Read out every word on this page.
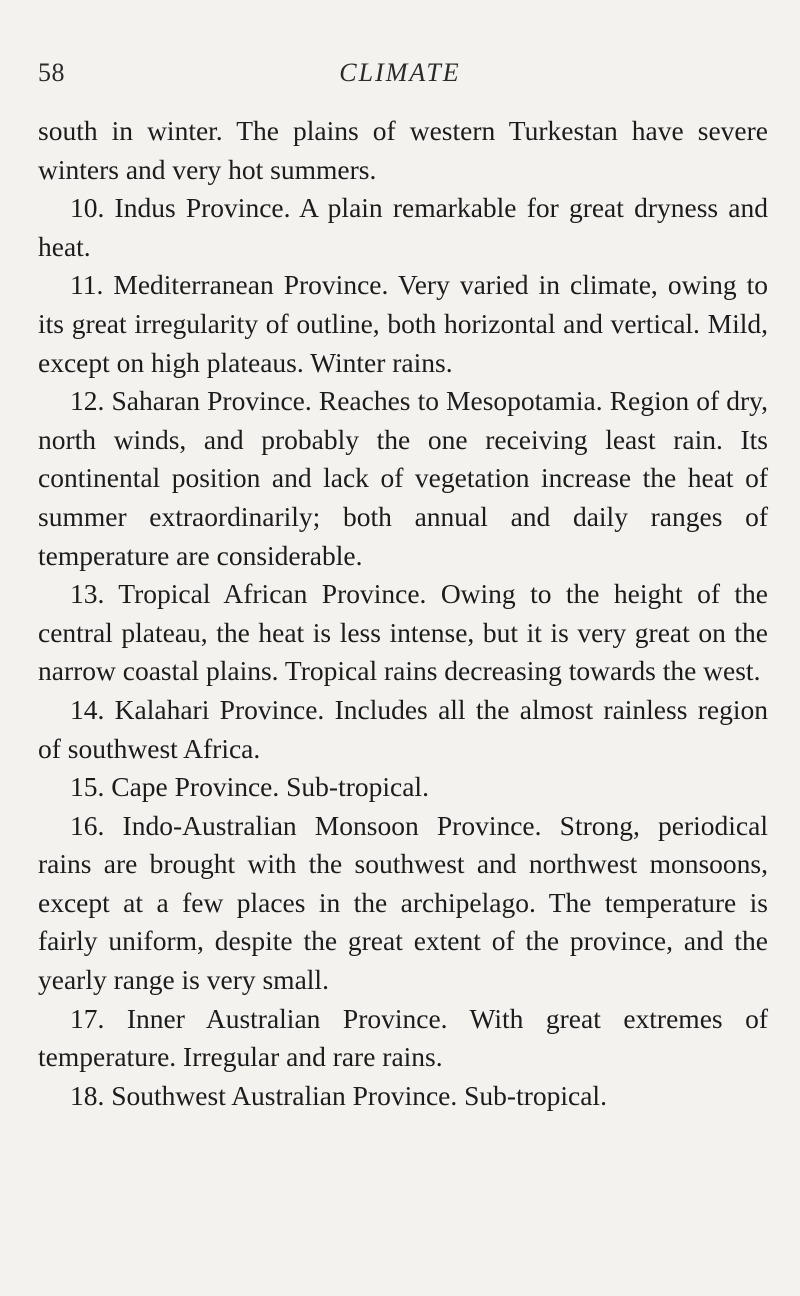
58	CLIMATE

south in winter. The plains of western Turkestan have severe winters and very hot summers.

10. Indus Province. A plain remarkable for great dryness and heat.

11. Mediterranean Province. Very varied in climate, owing to its great irregularity of outline, both horizontal and vertical. Mild, except on high plateaus. Winter rains.

12. Saharan Province. Reaches to Mesopotamia. Region of dry, north winds, and probably the one receiving least rain. Its continental position and lack of vegetation increase the heat of summer extraordinarily; both annual and daily ranges of temperature are considerable.

13. Tropical African Province. Owing to the height of the central plateau, the heat is less intense, but it is very great on the narrow coastal plains. Tropical rains decreasing towards the west.

14. Kalahari Province. Includes all the almost rainless region of southwest Africa.

15. Cape Province. Sub-tropical.

16. Indo-Australian Monsoon Province. Strong, periodical rains are brought with the southwest and northwest monsoons, except at a few places in the archipelago. The temperature is fairly uniform, despite the great extent of the province, and the yearly range is very small.

17. Inner Australian Province. With great extremes of temperature. Irregular and rare rains.

18. Southwest Australian Province. Sub-tropical.
